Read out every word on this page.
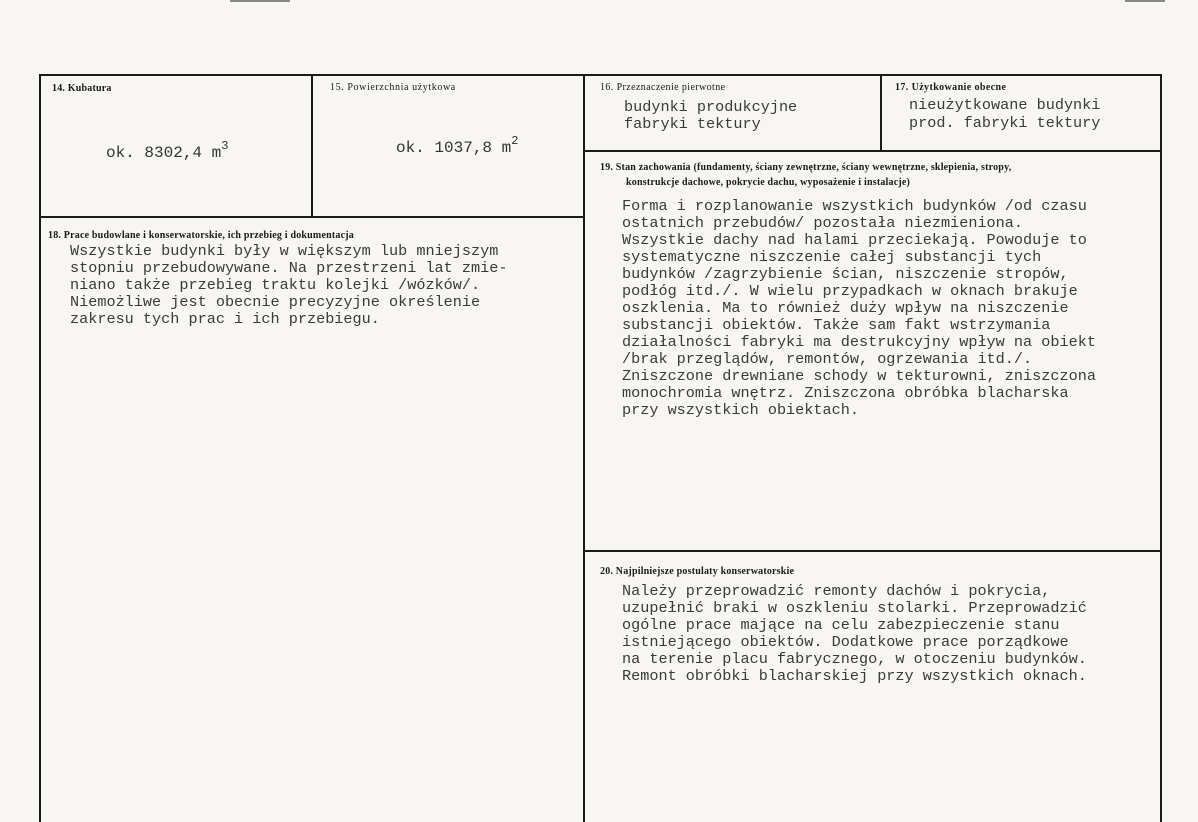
14. Kubatura
ok. 8302,4 $m^3$
15. Powierzchnia użytkowa
ok. 1037,8 $m^2$
16. Przeznaczenie pierwotne
budynki produkcyjne
fabryki tektury
17. Użytkowanie obecne
nieużytkowane budynki
prod. fabryki tektury
18. Prace budowlane i konserwatorskie, ich przebieg i dokumentacja
Wszystkie budynki były w większym lub mniejszym
stopniu przebudowywane. Na przestrzeni lat zmie-
niano także przebieg traktu kolejki /wózków/.
Niemożliwe jest obecnie precyzyjne określenie
zakresu tych prac i ich przebiegu.
19. Stan zachowania (fundamenty, ściany zewnętrzne, ściany wewnętrzne, sklepienia, stropy,
konstrukcje dachowe, pokrycie dachu, wyposażenie i instalacje)
Forma i rozplanowanie wszystkich budynków /od czasu
ostatnich przebudów/ pozostała niezmieniona.
Wszystkie dachy nad halami przeciekają. Powoduje to
systematyczne niszczenie całej substancji tych
budynków /zagrzybienie ścian, niszczenie stropów,
podłóg itd./. W wielu przypadkach w oknach brakuje
oszklenia. Ma to również duży wpływ na niszczenie
substancji obiektów. Także sam fakt wstrzymania
działalności fabryki ma destrukcyjny wpływ na obiekt
/brak przeglądów, remontów, ogrzewania itd./.
Zniszczone drewniane schody w tekturowni, zniszczona
monochromia wnętrz. Zniszczona obróbka blacharska
przy wszystkich obiektach.
20. Najpilniejsze postulaty konserwatorskie
Należy przeprowadzić remonty dachów i pokrycia,
uzupełnić braki w oszkleniu stolarki. Przeprowadzić
ogólne prace mające na celu zabezpieczenie stanu
istniejącego obiektów. Dodatkowe prace porządkowe
na terenie placu fabrycznego, w otoczeniu budynków.
Remont obróbki blacharskiej przy wszystkich oknach.
